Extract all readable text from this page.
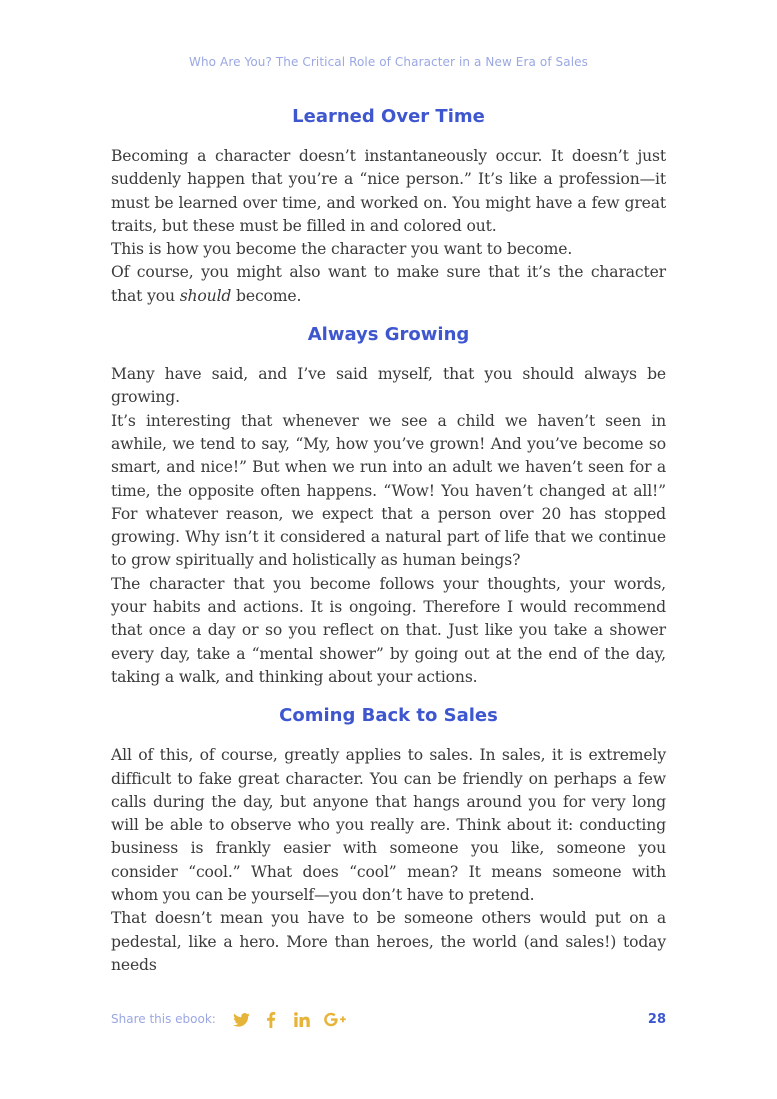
Who Are You? The Critical Role of Character in a New Era of Sales
Learned Over Time

Becoming a character doesn’t instantaneously occur. It doesn’t just suddenly happen that you’re a “nice person.” It’s like a profession—it must be learned over time, and worked on. You might have a few great traits, but these must be filled in and colored out.

This is how you become the character you want to become.

Of course, you might also want to make sure that it’s the character that you should become.

Always Growing

Many have said, and I’ve said myself, that you should always be growing.

It’s interesting that whenever we see a child we haven’t seen in awhile, we tend to say, “My, how you’ve grown! And you’ve become so smart, and nice!” But when we run into an adult we haven’t seen for a time, the opposite often happens. “Wow! You haven’t changed at all!” For whatever reason, we expect that a person over 20 has stopped growing. Why isn’t it considered a natural part of life that we continue to grow spiritually and holistically as human beings?

The character that you become follows your thoughts, your words, your habits and actions. It is ongoing. Therefore I would recommend that once a day or so you reflect on that. Just like you take a shower every day, take a “mental shower” by going out at the end of the day, taking a walk, and thinking about your actions.

Coming Back to Sales

All of this, of course, greatly applies to sales. In sales, it is extremely difficult to fake great character. You can be friendly on perhaps a few calls during the day, but anyone that hangs around you for very long will be able to observe who you really are. Think about it: conducting business is frankly easier with someone you like, someone you consider “cool.” What does “cool” mean? It means someone with whom you can be yourself—you don’t have to pretend.

That doesn’t mean you have to be someone others would put on a pedestal, like a hero. More than heroes, the world (and sales!) today needs

Share this ebook:	28
